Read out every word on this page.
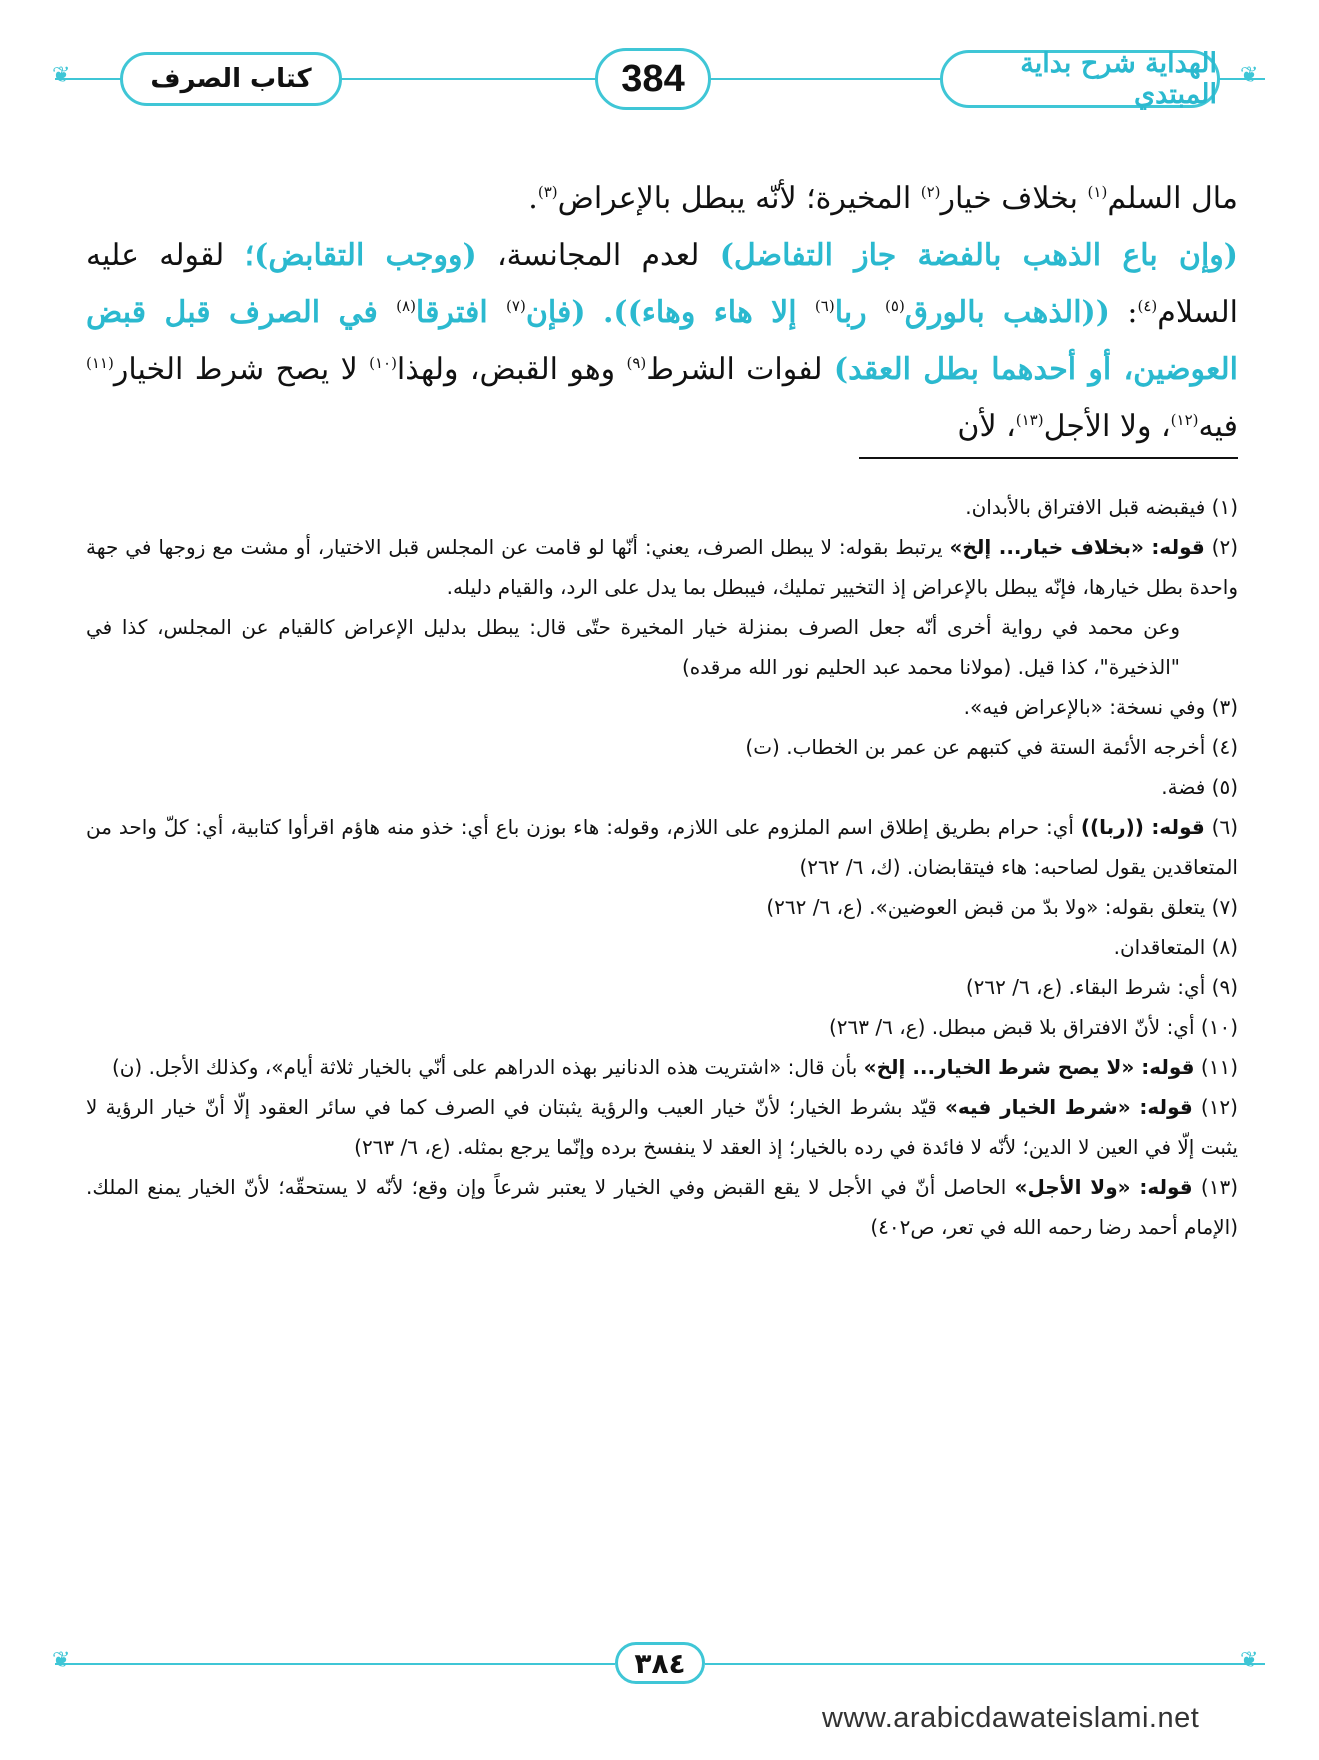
❦	❦
كتاب الصرف	384	الهداية شرح بداية المبتدي

مال السلم$^{(١)}$ بخلاف خيار$^{(٢)}$ المخيرة؛ لأنّه يبطل بالإعراض$^{(٣)}$.

(وإن باع الذهب بالفضة جاز التفاضل) لعدم المجانسة، (ووجب التقابض)؛ لقوله عليه السلام$^{(٤)}$: ((الذهب بالورق$^{(٥)}$ ربا$^{(٦)}$ إلا هاء وهاء)). (فإن$^{(٧)}$ افترقا$^{(٨)}$ في الصرف قبل قبض العوضين، أو أحدهما بطل العقد) لفوات الشرط$^{(٩)}$ وهو القبض، ولهذا$^{(١٠)}$ لا يصح شرط الخيار$^{(١١)}$ فيه$^{(١٢)}$، ولا الأجل$^{(١٣)}$، لأن

(١) فيقبضه قبل الافتراق بالأبدان.

(٢) قوله: «بخلاف خيار... إلخ» يرتبط بقوله: لا يبطل الصرف، يعني: أنّها لو قامت عن المجلس قبل الاختيار، أو مشت مع زوجها في جهة واحدة بطل خيارها، فإنّه يبطل بالإعراض إذ التخيير تمليك، فيبطل بما يدل على الرد، والقيام دليله.

وعن محمد في رواية أخرى أنّه جعل الصرف بمنزلة خيار المخيرة حتّى قال: يبطل بدليل الإعراض كالقيام عن المجلس، كذا في "الذخيرة"، كذا قيل. (مولانا محمد عبد الحليم نور الله مرقده)

(٣) وفي نسخة: «بالإعراض فيه».

(٤) أخرجه الأئمة الستة في كتبهم عن عمر بن الخطاب. (ت)

(٥) فضة.

(٦) قوله: ((ربا)) أي: حرام بطريق إطلاق اسم الملزوم على اللازم، وقوله: هاء بوزن باع أي: خذو منه هاؤم اقرأوا كتابية، أي: كلّ واحد من المتعاقدين يقول لصاحبه: هاء فيتقابضان. (ك، ٦/ ٢٦٢)

(٧) يتعلق بقوله: «ولا بدّ من قبض العوضين». (ع، ٦/ ٢٦٢)

(٨) المتعاقدان.

(٩) أي: شرط البقاء. (ع، ٦/ ٢٦٢)

(١٠) أي: لأنّ الافتراق بلا قبض مبطل. (ع، ٦/ ٢٦٣)

(١١) قوله: «لا يصح شرط الخيار... إلخ» بأن قال: «اشتريت هذه الدنانير بهذه الدراهم على أنّي بالخيار ثلاثة أيام»، وكذلك الأجل. (ن)

(١٢) قوله: «شرط الخيار فيه» قيّد بشرط الخيار؛ لأنّ خيار العيب والرؤية يثبتان في الصرف كما في سائر العقود إلّا أنّ خيار الرؤية لا يثبت إلّا في العين لا الدين؛ لأنّه لا فائدة في رده بالخيار؛ إذ العقد لا ينفسخ برده وإنّما يرجع بمثله. (ع، ٦/ ٢٦٣)

(١٣) قوله: «ولا الأجل» الحاصل أنّ في الأجل لا يقع القبض وفي الخيار لا يعتبر شرعاً وإن وقع؛ لأنّه لا يستحقّه؛ لأنّ الخيار يمنع الملك. (الإمام أحمد رضا رحمه الله في تعر، ص٤٠٢)

❦	❦
٣٨٤
www.arabicdawateislami.net
